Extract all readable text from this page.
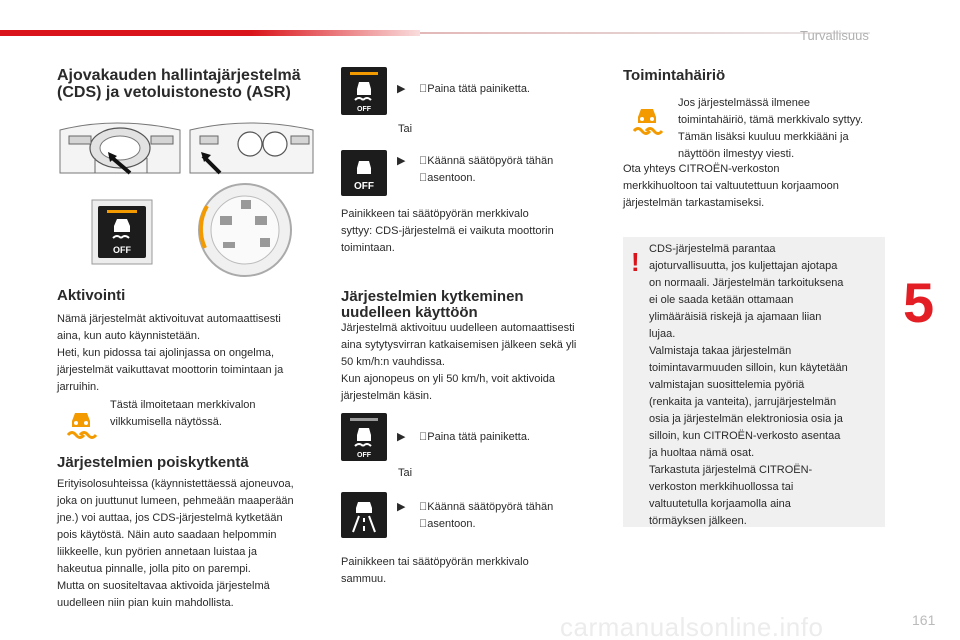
Turvallisuus
5
Ajovakauden hallintajärjestelmä
(CDS) ja vetoluistonesto (ASR)
OFF
Aktivointi
Nämä järjestelmät aktivoituvat automaattisesti
aina, kun auto käynnistetään.
Heti, kun pidossa tai ajolinjassa on ongelma,
järjestelmät vaikuttavat moottorin toimintaan ja
jarruihin.
Tästä ilmoitetaan merkkivalon
vilkkumisella näytössä.
Järjestelmien poiskytkentä
Erityisolosuhteissa (käynnistettäessä ajoneuvoa,
joka on juuttunut lumeen, pehmeään maaperään
jne.) voi auttaa, jos CDS-järjestelmä kytketään
pois käytöstä. Näin auto saadaan helpommin
liikkeelle, kun pyörien annetaan luistaa ja
hakeutua pinnalle, jolla pito on parempi.
Mutta on suositeltavaa aktivoida järjestelmä
uudelleen niin pian kuin mahdollista.
OFF
▶ Paina tätä painiketta.
Tai
OFF
▶ Käännä säätöpyörä tähän
asentoon.
Painikkeen tai säätöpyörän merkkivalo
syttyy: CDS-järjestelmä ei vaikuta moottorin
toimintaan.
Järjestelmien kytkeminen
uudelleen käyttöön
Järjestelmä aktivoituu uudelleen automaattisesti
aina sytytysvirran katkaisemisen jälkeen sekä yli
50 km/h:n vauhdissa.
Kun ajonopeus on yli 50 km/h, voit aktivoida
järjestelmän käsin.
OFF
▶ Paina tätä painiketta.
Tai
▶ Käännä säätöpyörä tähän
asentoon.
Painikkeen tai säätöpyörän merkkivalo
sammuu.
Toimintahäiriö
Jos järjestelmässä ilmenee
toimintahäiriö, tämä merkkivalo syttyy.
Tämän lisäksi kuuluu merkkiääni ja
näyttöön ilmestyy viesti.
Ota yhteys CITROËN-verkoston
merkkihuoltoon tai valtuutettuun korjaamoon
järjestelmän tarkastamiseksi.
! CDS-järjestelmä parantaa
ajoturvallisuutta, jos kuljettajan ajotapa
on normaali. Järjestelmän tarkoituksena
ei ole saada ketään ottamaan
ylimääräisiä riskejä ja ajamaan liian
lujaa.
Valmistaja takaa järjestelmän
toimintavarmuuden silloin, kun käytetään
valmistajan suosittelemia pyöriä
(renkaita ja vanteita), jarrujärjestelmän
osia ja järjestelmän elektroniosia osia ja
silloin, kun CITROËN-verkosto asentaa
ja huoltaa nämä osat.
Tarkastuta järjestelmä CITROËN-
verkoston merkkihuollossa tai
valtuutetulla korjaamolla aina
törmäyksen jälkeen.
carmanualsonline.info	161
